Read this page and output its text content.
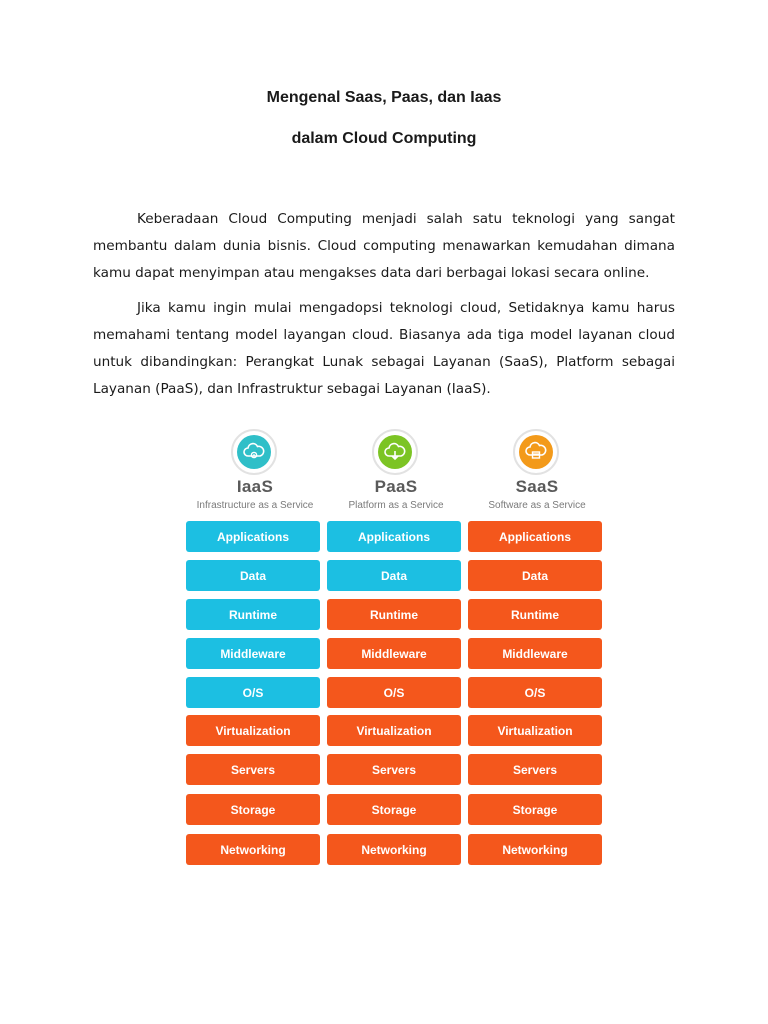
Mengenal Saas, Paas, dan Iaas
dalam Cloud Computing

Keberadaan Cloud Computing menjadi salah satu teknologi yang sangat membantu dalam dunia bisnis. Cloud computing menawarkan kemudahan dimana kamu dapat menyimpan atau mengakses data dari berbagai lokasi secara online.

Jika kamu ingin mulai mengadopsi teknologi cloud, Setidaknya kamu harus memahami tentang model layangan cloud. Biasanya ada tiga model layanan cloud untuk dibandingkan: Perangkat Lunak sebagai Layanan (SaaS), Platform sebagai Layanan (PaaS), dan Infrastruktur sebagai Layanan (IaaS).

IaaS
Infrastructure as a Service
Applications
Data
Runtime
Middleware
O/S
Virtualization
Servers
Storage
Networking
PaaS
Platform as a Service
Applications
Data
Runtime
Middleware
O/S
Virtualization
Servers
Storage
Networking
SaaS
Software as a Service
Applications
Data
Runtime
Middleware
O/S
Virtualization
Servers
Storage
Networking
